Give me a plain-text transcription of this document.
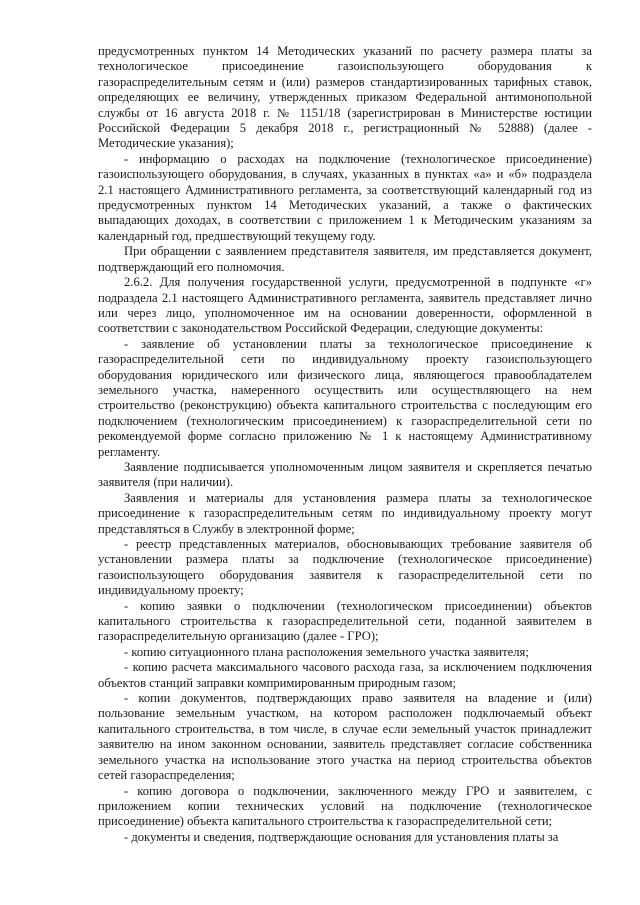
предусмотренных пунктом 14 Методических указаний по расчету размера платы за технологическое присоединение газоиспользующего оборудования к газораспределительным сетям и (или) размеров стандартизированных тарифных ставок, определяющих ее величину, утвержденных приказом Федеральной антимонопольной службы от 16 августа 2018 г. № 1151/18 (зарегистрирован в Министерстве юстиции Российской Федерации 5 декабря 2018 г., регистрационный № 52888) (далее - Методические указания);

- информацию о расходах на подключение (технологическое присоединение) газоиспользующего оборудования, в случаях, указанных в пунктах «а» и «б» подраздела 2.1 настоящего Административного регламента, за соответствующий календарный год из предусмотренных пунктом 14 Методических указаний, а также о фактических выпадающих доходах, в соответствии с приложением 1 к Методическим указаниям за календарный год, предшествующий текущему году.

При обращении с заявлением представителя заявителя, им представляется документ, подтверждающий его полномочия.

2.6.2. Для получения государственной услуги, предусмотренной в подпункте «г» подраздела 2.1 настоящего Административного регламента, заявитель представляет лично или через лицо, уполномоченное им на основании доверенности, оформленной в соответствии с законодательством Российской Федерации, следующие документы:

- заявление об установлении платы за технологическое присоединение к газораспределительной сети по индивидуальному проекту газоиспользующего оборудования юридического или физического лица, являющегося правообладателем земельного участка, намеренного осуществить или осуществляющего на нем строительство (реконструкцию) объекта капитального строительства с последующим его подключением (технологическим присоединением) к газораспределительной сети по рекомендуемой форме согласно приложению № 1 к настоящему Административному регламенту.

Заявление подписывается уполномоченным лицом заявителя и скрепляется печатью заявителя (при наличии).

Заявления и материалы для установления размера платы за технологическое присоединение к газораспределительным сетям по индивидуальному проекту могут представляться в Службу в электронной форме;

- реестр представленных материалов, обосновывающих требование заявителя об установлении размера платы за подключение (технологическое присоединение) газоиспользующего оборудования заявителя к газораспределительной сети по индивидуальному проекту;

- копию заявки о подключении (технологическом присоединении) объектов капитального строительства к газораспределительной сети, поданной заявителем в газораспределительную организацию (далее - ГРО);

- копию ситуационного плана расположения земельного участка заявителя;

- копию расчета максимального часового расхода газа, за исключением подключения объектов станций заправки компримированным природным газом;

- копии документов, подтверждающих право заявителя на владение и (или) пользование земельным участком, на котором расположен подключаемый объект капитального строительства, в том числе, в случае если земельный участок принадлежит заявителю на ином законном основании, заявитель представляет согласие собственника земельного участка на использование этого участка на период строительства объектов сетей газораспределения;

- копию договора о подключении, заключенного между ГРО и заявителем, с приложением копии технических условий на подключение (технологическое присоединение) объекта капитального строительства к газораспределительной сети;

- документы и сведения, подтверждающие основания для установления платы за
